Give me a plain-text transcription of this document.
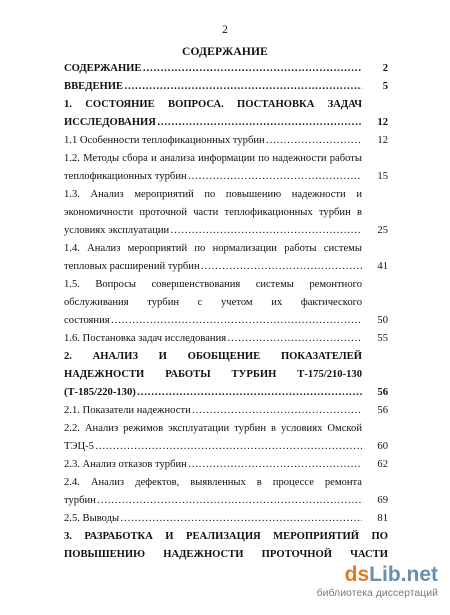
2
СОДЕРЖАНИЕ
СОДЕРЖАНИЕ ……………………………………………………………………………………………………………………………………	2
ВВЕДЕНИЕ ……………………………………………………………………………………………………………………………………	5
1. СОСТОЯНИЕ ВОПРОСА. ПОСТАНОВКА ЗАДАЧ
ИССЛЕДОВАНИЯ ……………………………………………………………………………………………………………………………………	12
1.1 Особенности теплофикационных турбин ……………………………………………………………………………………………………………………………………	12
1.2. Методы сбора и анализа информации по надежности работы
теплофикационных турбин ……………………………………………………………………………………………………………………………………	15
1.3. Анализ мероприятий по повышению надежности и
экономичности проточной части теплофикационных турбин в
условиях эксплуатации ……………………………………………………………………………………………………………………………………	25
1.4. Анализ мероприятий по нормализации работы системы
тепловых расширений турбин ……………………………………………………………………………………………………………………………………	41
1.5. Вопросы совершенствования системы ремонтного
обслуживания турбин с учетом их фактического
состояния ……………………………………………………………………………………………………………………………………	50
1.6. Постановка задач исследования ……………………………………………………………………………………………………………………………………	55
2. АНАЛИЗ И ОБОБЩЕНИЕ ПОКАЗАТЕЛЕЙ
НАДЕЖНОСТИ РАБОТЫ ТУРБИН Т-175/210-130
(Т-185/220-130) ……………………………………………………………………………………………………………………………………	56
2.1. Показатели надежности ……………………………………………………………………………………………………………………………………	56
2.2. Анализ режимов эксплуатации турбин в условиях Омской
ТЭЦ-5 ……………………………………………………………………………………………………………………………………	60
2.3. Анализ отказов турбин ……………………………………………………………………………………………………………………………………	62
2.4. Анализ дефектов, выявленных в процессе ремонта
турбин ……………………………………………………………………………………………………………………………………	69
2.5. Выводы ……………………………………………………………………………………………………………………………………	81
3. РАЗРАБОТКА И РЕАЛИЗАЦИЯ МЕРОПРИЯТИЙ ПО
ПОВЫШЕНИЮ НАДЕЖНОСТИ ПРОТОЧНОЙ ЧАСТИ
dsLib.net
библиотека диссертаций
